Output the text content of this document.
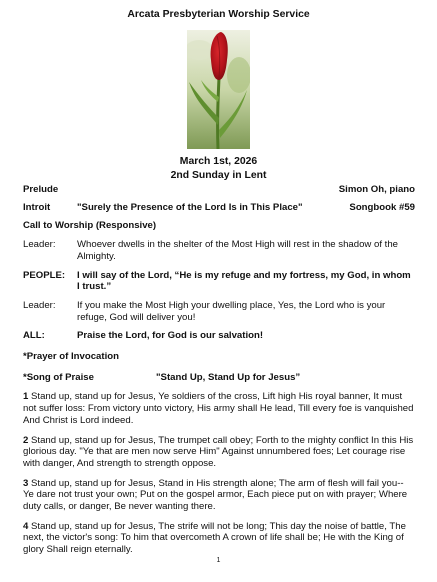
Arcata Presbyterian Worship Service
March 1st, 2026
2nd Sunday in Lent
Prelude	Simon Oh, piano
Introit	"Surely the Presence of the Lord Is in This Place"	Songbook #59
Call to Worship (Responsive)
Leader:	Whoever dwells in the shelter of the Most High will rest in the shadow of the Almighty.
PEOPLE:	I will say of the Lord, “He is my refuge and my fortress, my God, in whom I trust.”
Leader:	If you make the Most High your dwelling place, Yes, the Lord who is your refuge, God will deliver you!
ALL:	Praise the Lord, for God is our salvation!
*Prayer of Invocation
*Song of Praise	"Stand Up, Stand Up for Jesus”
1 Stand up, stand up for Jesus, Ye soldiers of the cross, Lift high His royal banner, It must not suffer loss: From victory unto victory, His army shall He lead, Till every foe is vanquished And Christ is Lord indeed.
2 Stand up, stand up for Jesus, The trumpet call obey; Forth to the mighty conflict In this His glorious day. "Ye that are men now serve Him" Against unnumbered foes; Let courage rise with danger, And strength to strength oppose.
3 Stand up, stand up for Jesus, Stand in His strength alone; The arm of flesh will fail you-- Ye dare not trust your own; Put on the gospel armor, Each piece put on with prayer; Where duty calls, or danger, Be never wanting there.
4 Stand up, stand up for Jesus, The strife will not be long; This day the noise of battle, The next, the victor's song: To him that overcometh A crown of life shall be; He with the King of glory Shall reign eternally.
1
